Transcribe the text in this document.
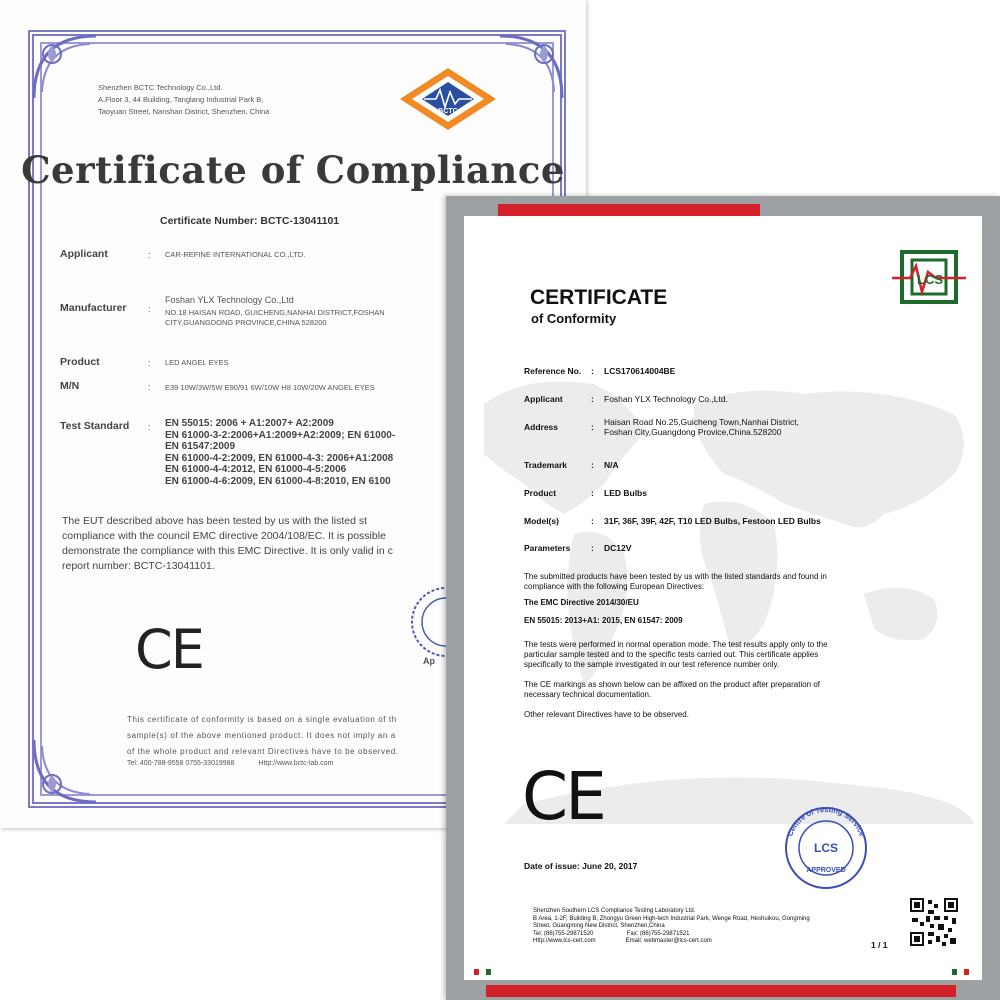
Shenzhen BCTC Technology Co.,Ltd.
A,Floor 3, 44 Building, Tanglang Industrial Park B,
Taoyuan Street, Nanshan District, Shenzhen, China	BCTC
Certificate of Compliance
Certificate Number: BCTC-13041101
Applicant	: CAR-REFINE INTERNATIONAL CO.,LTD.
Manufacturer :
Foshan YLX Technology Co.,Ltd
NO.18 HAISAN ROAD, GUICHENG,NANHAI DISTRICT,FOSHAN
CITY,GUANGDONG PROVINCE,CHINA 528200
Product	: LED ANGEL EYES
M/N	: E39 10W/3W/5W E90/91 6W/10W H8 10W/20W ANGEL EYES
Test Standard : EN 55015: 2006 + A1:2007+ A2:2009
EN 61000-3-2:2006+A1:2009+A2:2009; EN 61000-
EN 61547:2009
EN 61000-4-2:2009, EN 61000-4-3: 2006+A1:2008
EN 61000-4-4:2012, EN 61000-4-5:2006
EN 61000-4-6:2009, EN 61000-4-8:2010, EN 6100
The EUT described above has been tested by us with the listed st
compliance with the council EMC directive 2004/108/EC. It is possible
demonstrate the compliance with this EMC Directive. It is only valid in c
report number: BCTC-13041101.
CE	Ap
This certificate of conformity is based on a single evaluation of th
sample(s) of the above mentioned product. It does not imply an a
of the whole product and relevant Directives have to be observed.
Tel: 400-788-9558 0755-33019988	Http://www.bctc-lab.com
LCS
CERTIFICATE
of Conformity
Reference No. : LCS170614004BE
Applicant	: Foshan YLX Technology Co.,Ltd.
Address	: Haisan Road No.25,Guicheng Town,Nanhai District,
Foshan City,Guangdong Provice,China.528200
Trademark	: N/A
Product	: LED Bulbs
Model(s)	: 31F, 36F, 39F, 42F, T10 LED Bulbs, Festoon LED Bulbs
Parameters : DC12V
The submitted products have been tested by us with the listed standards and found in
compliance with the following European Directives:
The EMC Directive 2014/30/EU
EN 55015: 2013+A1: 2015, EN 61547: 2009
The tests were performed in normal operation mode. The test results apply only to the
particular sample tested and to the specific tests carried out. This certificate applies
specifically to the sample investigated in our test reference number only.
The CE markings as shown below can be affixed on the product after preparation of
necessary technical documentation.
Other relevant Directives have to be observed.
CE	Centre of Testing Service
LCS
APPROVED
Date of issue: June 20, 2017
Shenzhen Southern LCS Compliance Testing Laboratory Ltd.
B Area, 1-2F, Building B, Zhongyu Green High-tech Industrial Park, Wenge Road, Heshuikou, Gongming
Street, Guangming New District, Shenzhen,China
Tel: (86)755-29871520                    Fax: (86)755-29871521
Http://www.lcs-cert.com                  Email: webmaster@lcs-cert.com	1 / 1
